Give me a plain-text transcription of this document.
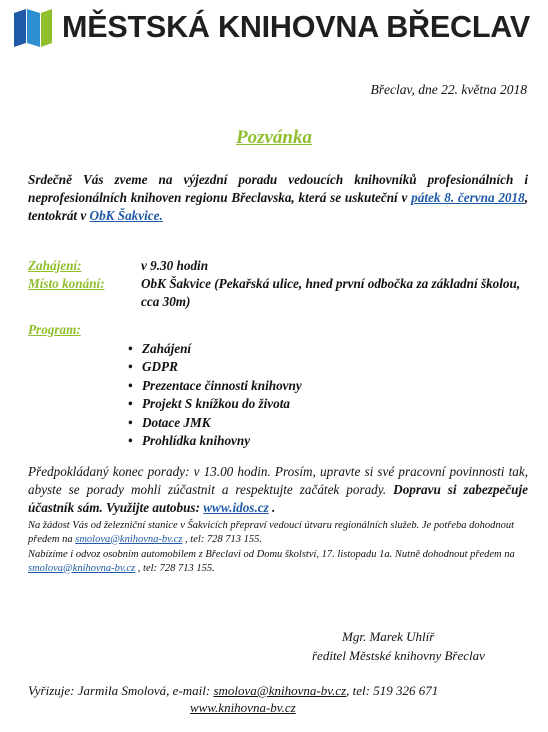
MĚSTSKÁ KNIHOVNA BŘECLAV
Břeclav, dne 22. května 2018
Pozvánka
Srdečně Vás zveme na výjezdní poradu vedoucích knihovníků profesionálních i neprofesionálních knihoven regionu Břeclavska, která se uskuteční v pátek 8. června 2018, tentokrát v ObK Šakvice.
Zahájení:	v 9.30 hodin
Místo konání:	ObK Šakvice (Pekařská ulice, hned první odbočka za základní školou, cca 30m)
Program:
• Zahájení
• GDPR
• Prezentace činnosti knihovny
• Projekt S knížkou do života
• Dotace JMK
• Prohlídka knihovny
Předpokládaný konec porady: v 13.00 hodin. Prosím, upravte si své pracovní povinnosti tak, abyste se porady mohli zúčastnit a respektujte začátek porady. Dopravu si zabezpečuje účastník sám. Využijte autobus: www.idos.cz .
Na žádost Vás od železniční stanice v Šakvicích přepraví vedoucí útvaru regionálních služeb. Je potřeba dohodnout předem na smolova@knihovna-bv.cz , tel: 728 713 155.
Nabízíme i odvoz osobním automobilem z Břeclavi od Domu školství, 17. listopadu 1a. Nutně dohodnout předem na smolova@knihovna-bv.cz , tel: 728 713 155.
Mgr. Marek Uhlíř
ředitel Městské knihovny Břeclav
Vyřizuje: Jarmila Smolová, e-mail: smolova@knihovna-bv.cz, tel: 519 326 671
www.knihovna-bv.cz
